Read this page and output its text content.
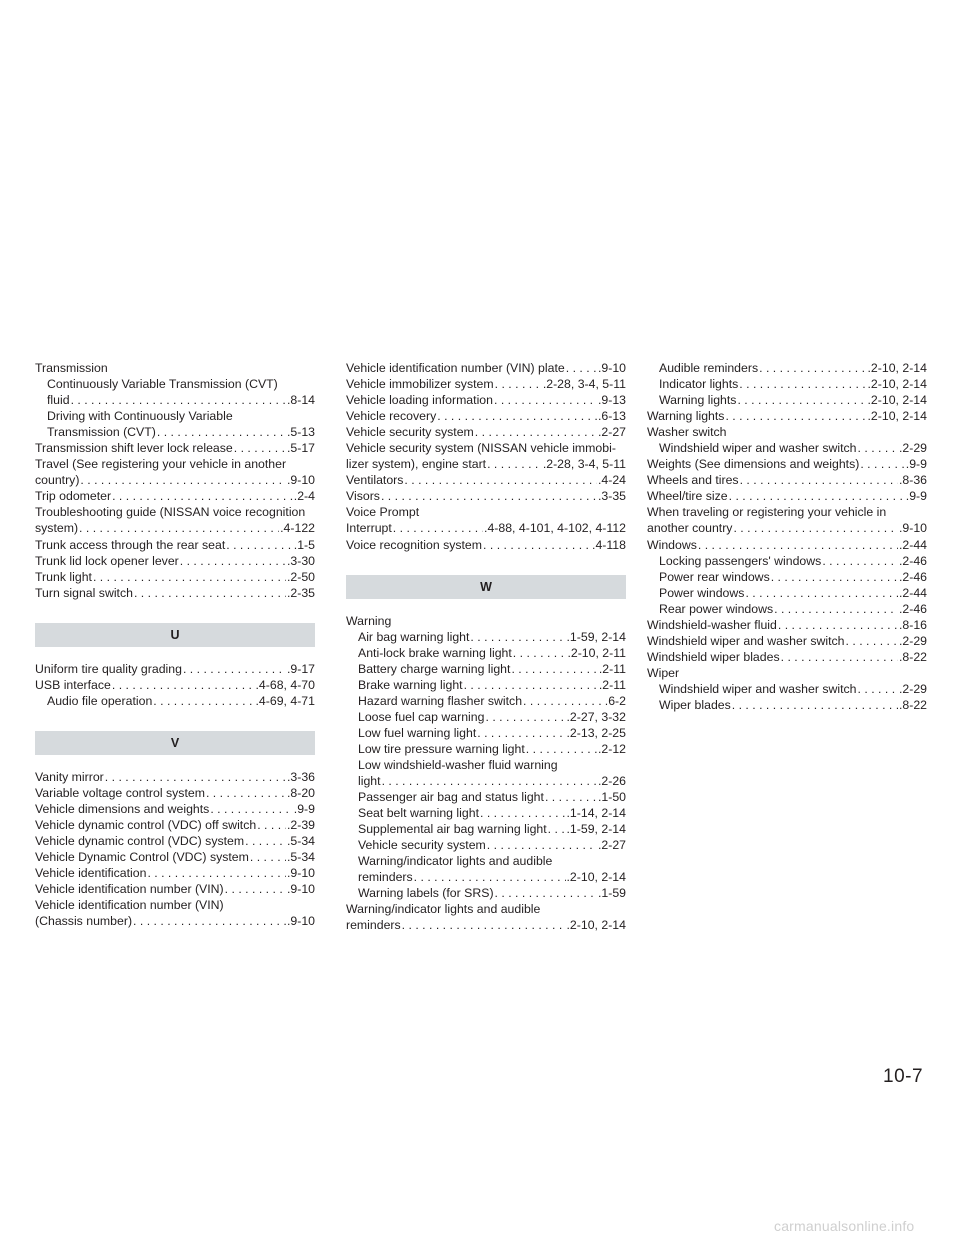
Transmission
Continuously Variable Transmission (CVT)
fluid . . .	.8-14
Driving with Continuously Variable
Transmission (CVT) . . .	.5-13
Transmission shift lever lock release . . .	.5-17
Travel (See registering your vehicle in another
country) . . .	.9-10
Trip odometer . . .	.2-4
Troubleshooting guide (NISSAN voice recognition
system) . . .	.4-122
Trunk access through the rear seat . . .	.1-5
Trunk lid lock opener lever . . .	.3-30
Trunk light . . .	.2-50
Turn signal switch . . .	.2-35
U
Uniform tire quality grading . . .	.9-17
USB interface . . .	.4-68, 4-70
Audio file operation . . .	.4-69, 4-71
V
Vanity mirror . . .	.3-36
Variable voltage control system . . .	.8-20
Vehicle dimensions and weights . . .	.9-9
Vehicle dynamic control (VDC) off switch . . .	.2-39
Vehicle dynamic control (VDC) system . . .	.5-34
Vehicle Dynamic Control (VDC) system . . .	.5-34
Vehicle identification . . .	.9-10
Vehicle identification number (VIN) . . .	.9-10
Vehicle identification number (VIN)
(Chassis number) . . .	.9-10
Vehicle identification number (VIN) plate . . .	.9-10
Vehicle immobilizer system . . .	.2-28, 3-4, 5-11
Vehicle loading information . . .	.9-13
Vehicle recovery . . .	.6-13
Vehicle security system . . .	.2-27
Vehicle security system (NISSAN vehicle immobi-
lizer system), engine start . . .	.2-28, 3-4, 5-11
Ventilators . . .	.4-24
Visors . . .	.3-35
Voice Prompt
Interrupt . . .	.4-88, 4-101, 4-102, 4-112
Voice recognition system . . .	.4-118
W
Warning
Air bag warning light . . .	.1-59, 2-14
Anti-lock brake warning light . . .	.2-10, 2-11
Battery charge warning light . . .	.2-11
Brake warning light . . .	.2-11
Hazard warning flasher switch . . .	.6-2
Loose fuel cap warning . . .	.2-27, 3-32
Low fuel warning light . . .	.2-13, 2-25
Low tire pressure warning light . . .	.2-12
Low windshield-washer fluid warning
light . . .	.2-26
Passenger air bag and status light . . .	.1-50
Seat belt warning light . . .	.1-14, 2-14
Supplemental air bag warning light . . . .1-59, 2-14
Vehicle security system . . .	.2-27
Warning/indicator lights and audible
reminders . . .	.2-10, 2-14
Warning labels (for SRS) . . .	.1-59
Warning/indicator lights and audible
reminders . . .	.2-10, 2-14
Audible reminders . . .	.2-10, 2-14
Indicator lights . . .	.2-10, 2-14
Warning lights . . .	.2-10, 2-14
Warning lights . . .	.2-10, 2-14
Washer switch
Windshield wiper and washer switch . . .	.2-29
Weights (See dimensions and weights) . . .	.9-9
Wheels and tires . . .	.8-36
Wheel/tire size . . .	.9-9
When traveling or registering your vehicle in
another country . . .	.9-10
Windows . . .	.2-44
Locking passengers' windows . . .	.2-46
Power rear windows . . .	.2-46
Power windows . . .	.2-44
Rear power windows . . .	.2-46
Windshield-washer fluid . . .	.8-16
Windshield wiper and washer switch . . .	.2-29
Windshield wiper blades . . .	.8-22
Wiper
Windshield wiper and washer switch . . .	.2-29
Wiper blades . . .	.8-22
10-7
carmanualsonline.info
